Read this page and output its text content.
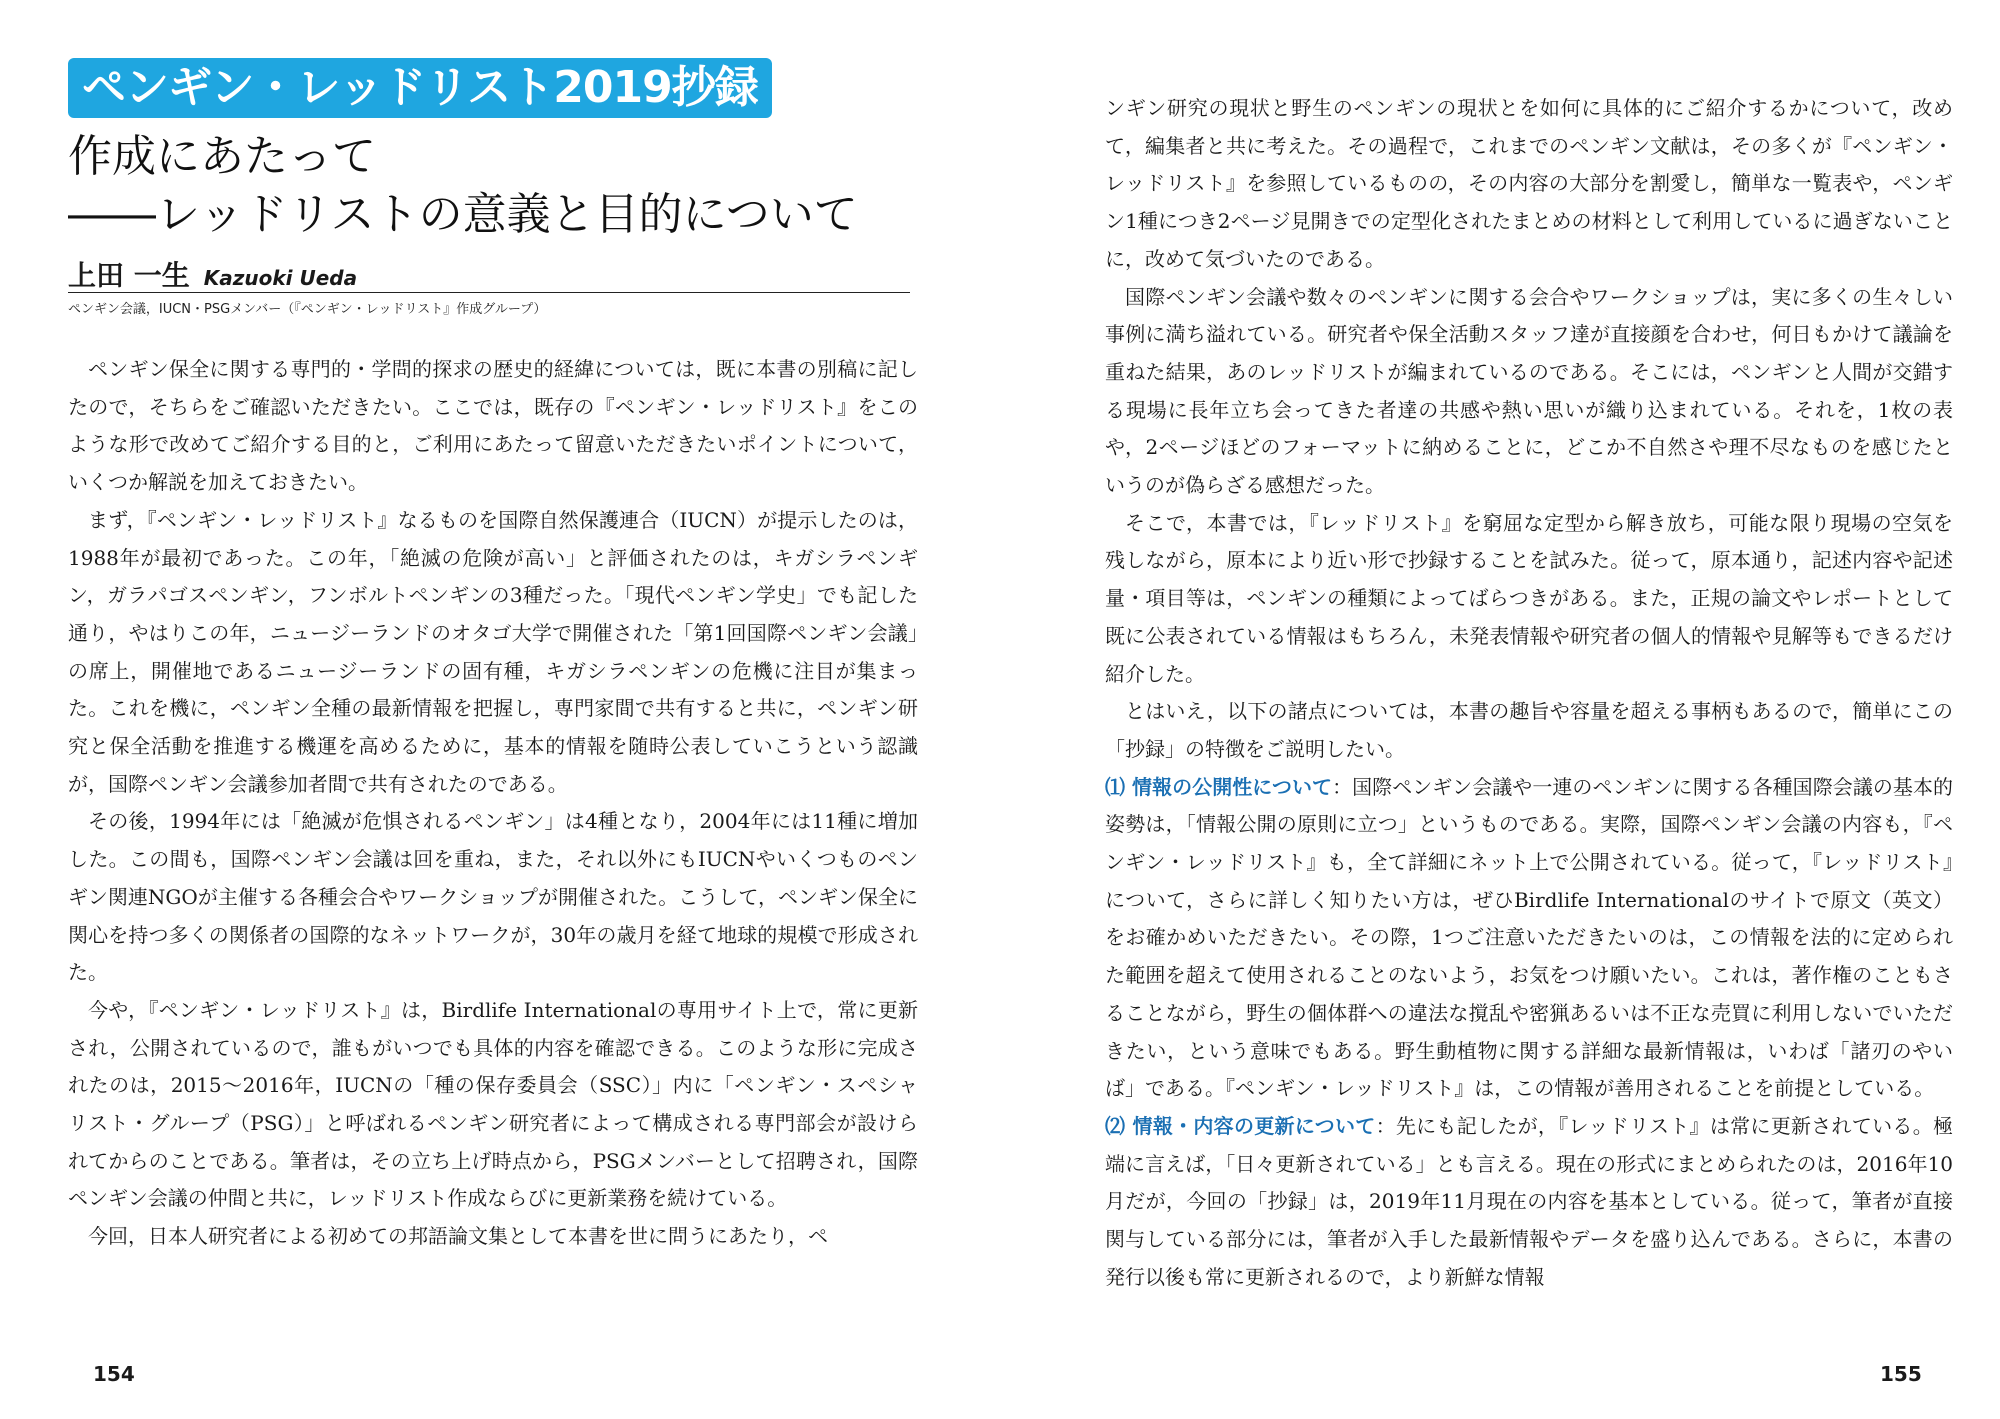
ペンギン・レッドリスト2019抄録
作成にあたって
――レッドリストの意義と目的について
上田 一生 Kazuoki Ueda
ペンギン会議，IUCN・PSGメンバー（『ペンギン・レッドリスト』作成グループ）

ペンギン保全に関する専門的・学問的探求の歴史的経緯については，既に本書の別稿に記したので，そちらをご確認いただきたい。ここでは，既存の『ペンギン・レッドリスト』をこのような形で改めてご紹介する目的と，ご利用にあたって留意いただきたいポイントについて，いくつか解説を加えておきたい。

まず，『ペンギン・レッドリスト』なるものを国際自然保護連合（IUCN）が提示したのは，1988年が最初であった。この年，「絶滅の危険が高い」と評価されたのは，キガシラペンギン，ガラパゴスペンギン，フンボルトペンギンの3種だった。「現代ペンギン学史」でも記した通り，やはりこの年，ニュージーランドのオタゴ大学で開催された「第1回国際ペンギン会議」の席上，開催地であるニュージーランドの固有種，キガシラペンギンの危機に注目が集まった。これを機に，ペンギン全種の最新情報を把握し，専門家間で共有すると共に，ペンギン研究と保全活動を推進する機運を高めるために，基本的情報を随時公表していこうという認識が，国際ペンギン会議参加者間で共有されたのである。

その後，1994年には「絶滅が危惧されるペンギン」は4種となり，2004年には11種に増加した。この間も，国際ペンギン会議は回を重ね，また，それ以外にもIUCNやいくつものペンギン関連NGOが主催する各種会合やワークショップが開催された。こうして，ペンギン保全に関心を持つ多くの関係者の国際的なネットワークが，30年の歳月を経て地球的規模で形成された。

今や，『ペンギン・レッドリスト』は，Birdlife Internationalの専用サイト上で，常に更新され，公開されているので，誰もがいつでも具体的内容を確認できる。このような形に完成されたのは，2015～2016年，IUCNの「種の保存委員会（SSC）」内に「ペンギン・スペシャリスト・グループ（PSG）」と呼ばれるペンギン研究者によって構成される専門部会が設けられてからのことである。筆者は，その立ち上げ時点から，PSGメンバーとして招聘され，国際ペンギン会議の仲間と共に，レッドリスト作成ならびに更新業務を続けている。

今回，日本人研究者による初めての邦語論文集として本書を世に問うにあたり，ペ

154

ンギン研究の現状と野生のペンギンの現状とを如何に具体的にご紹介するかについて，改めて，編集者と共に考えた。その過程で，これまでのペンギン文献は，その多くが『ペンギン・レッドリスト』を参照しているものの，その内容の大部分を割愛し，簡単な一覧表や，ペンギン1種につき2ページ見開きでの定型化されたまとめの材料として利用しているに過ぎないことに，改めて気づいたのである。

国際ペンギン会議や数々のペンギンに関する会合やワークショップは，実に多くの生々しい事例に満ち溢れている。研究者や保全活動スタッフ達が直接顔を合わせ，何日もかけて議論を重ねた結果，あのレッドリストが編まれているのである。そこには，ペンギンと人間が交錯する現場に長年立ち会ってきた者達の共感や熱い思いが織り込まれている。それを，1枚の表や，2ページほどのフォーマットに納めることに，どこか不自然さや理不尽なものを感じたというのが偽らざる感想だった。

そこで，本書では，『レッドリスト』を窮屈な定型から解き放ち，可能な限り現場の空気を残しながら，原本により近い形で抄録することを試みた。従って，原本通り，記述内容や記述量・項目等は，ペンギンの種類によってばらつきがある。また，正規の論文やレポートとして既に公表されている情報はもちろん，未発表情報や研究者の個人的情報や見解等もできるだけ紹介した。

とはいえ，以下の諸点については，本書の趣旨や容量を超える事柄もあるので，簡単にこの「抄録」の特徴をご説明したい。

⑴ 情報の公開性について：国際ペンギン会議や一連のペンギンに関する各種国際会議の基本的姿勢は，「情報公開の原則に立つ」というものである。実際，国際ペンギン会議の内容も，『ペンギン・レッドリスト』も，全て詳細にネット上で公開されている。従って，『レッドリスト』について，さらに詳しく知りたい方は，ぜひBirdlife Internationalのサイトで原文（英文）をお確かめいただきたい。その際，1つご注意いただきたいのは，この情報を法的に定められた範囲を超えて使用されることのないよう，お気をつけ願いたい。これは，著作権のこともさることながら，野生の個体群への違法な撹乱や密猟あるいは不正な売買に利用しないでいただきたい，という意味でもある。野生動植物に関する詳細な最新情報は，いわば「諸刃のやいば」である。『ペンギン・レッドリスト』は，この情報が善用されることを前提としている。

⑵ 情報・内容の更新について：先にも記したが，『レッドリスト』は常に更新されている。極端に言えば，「日々更新されている」とも言える。現在の形式にまとめられたのは，2016年10月だが，今回の「抄録」は，2019年11月現在の内容を基本としている。従って，筆者が直接関与している部分には，筆者が入手した最新情報やデータを盛り込んである。さらに，本書の発行以後も常に更新されるので，より新鮮な情報

155
